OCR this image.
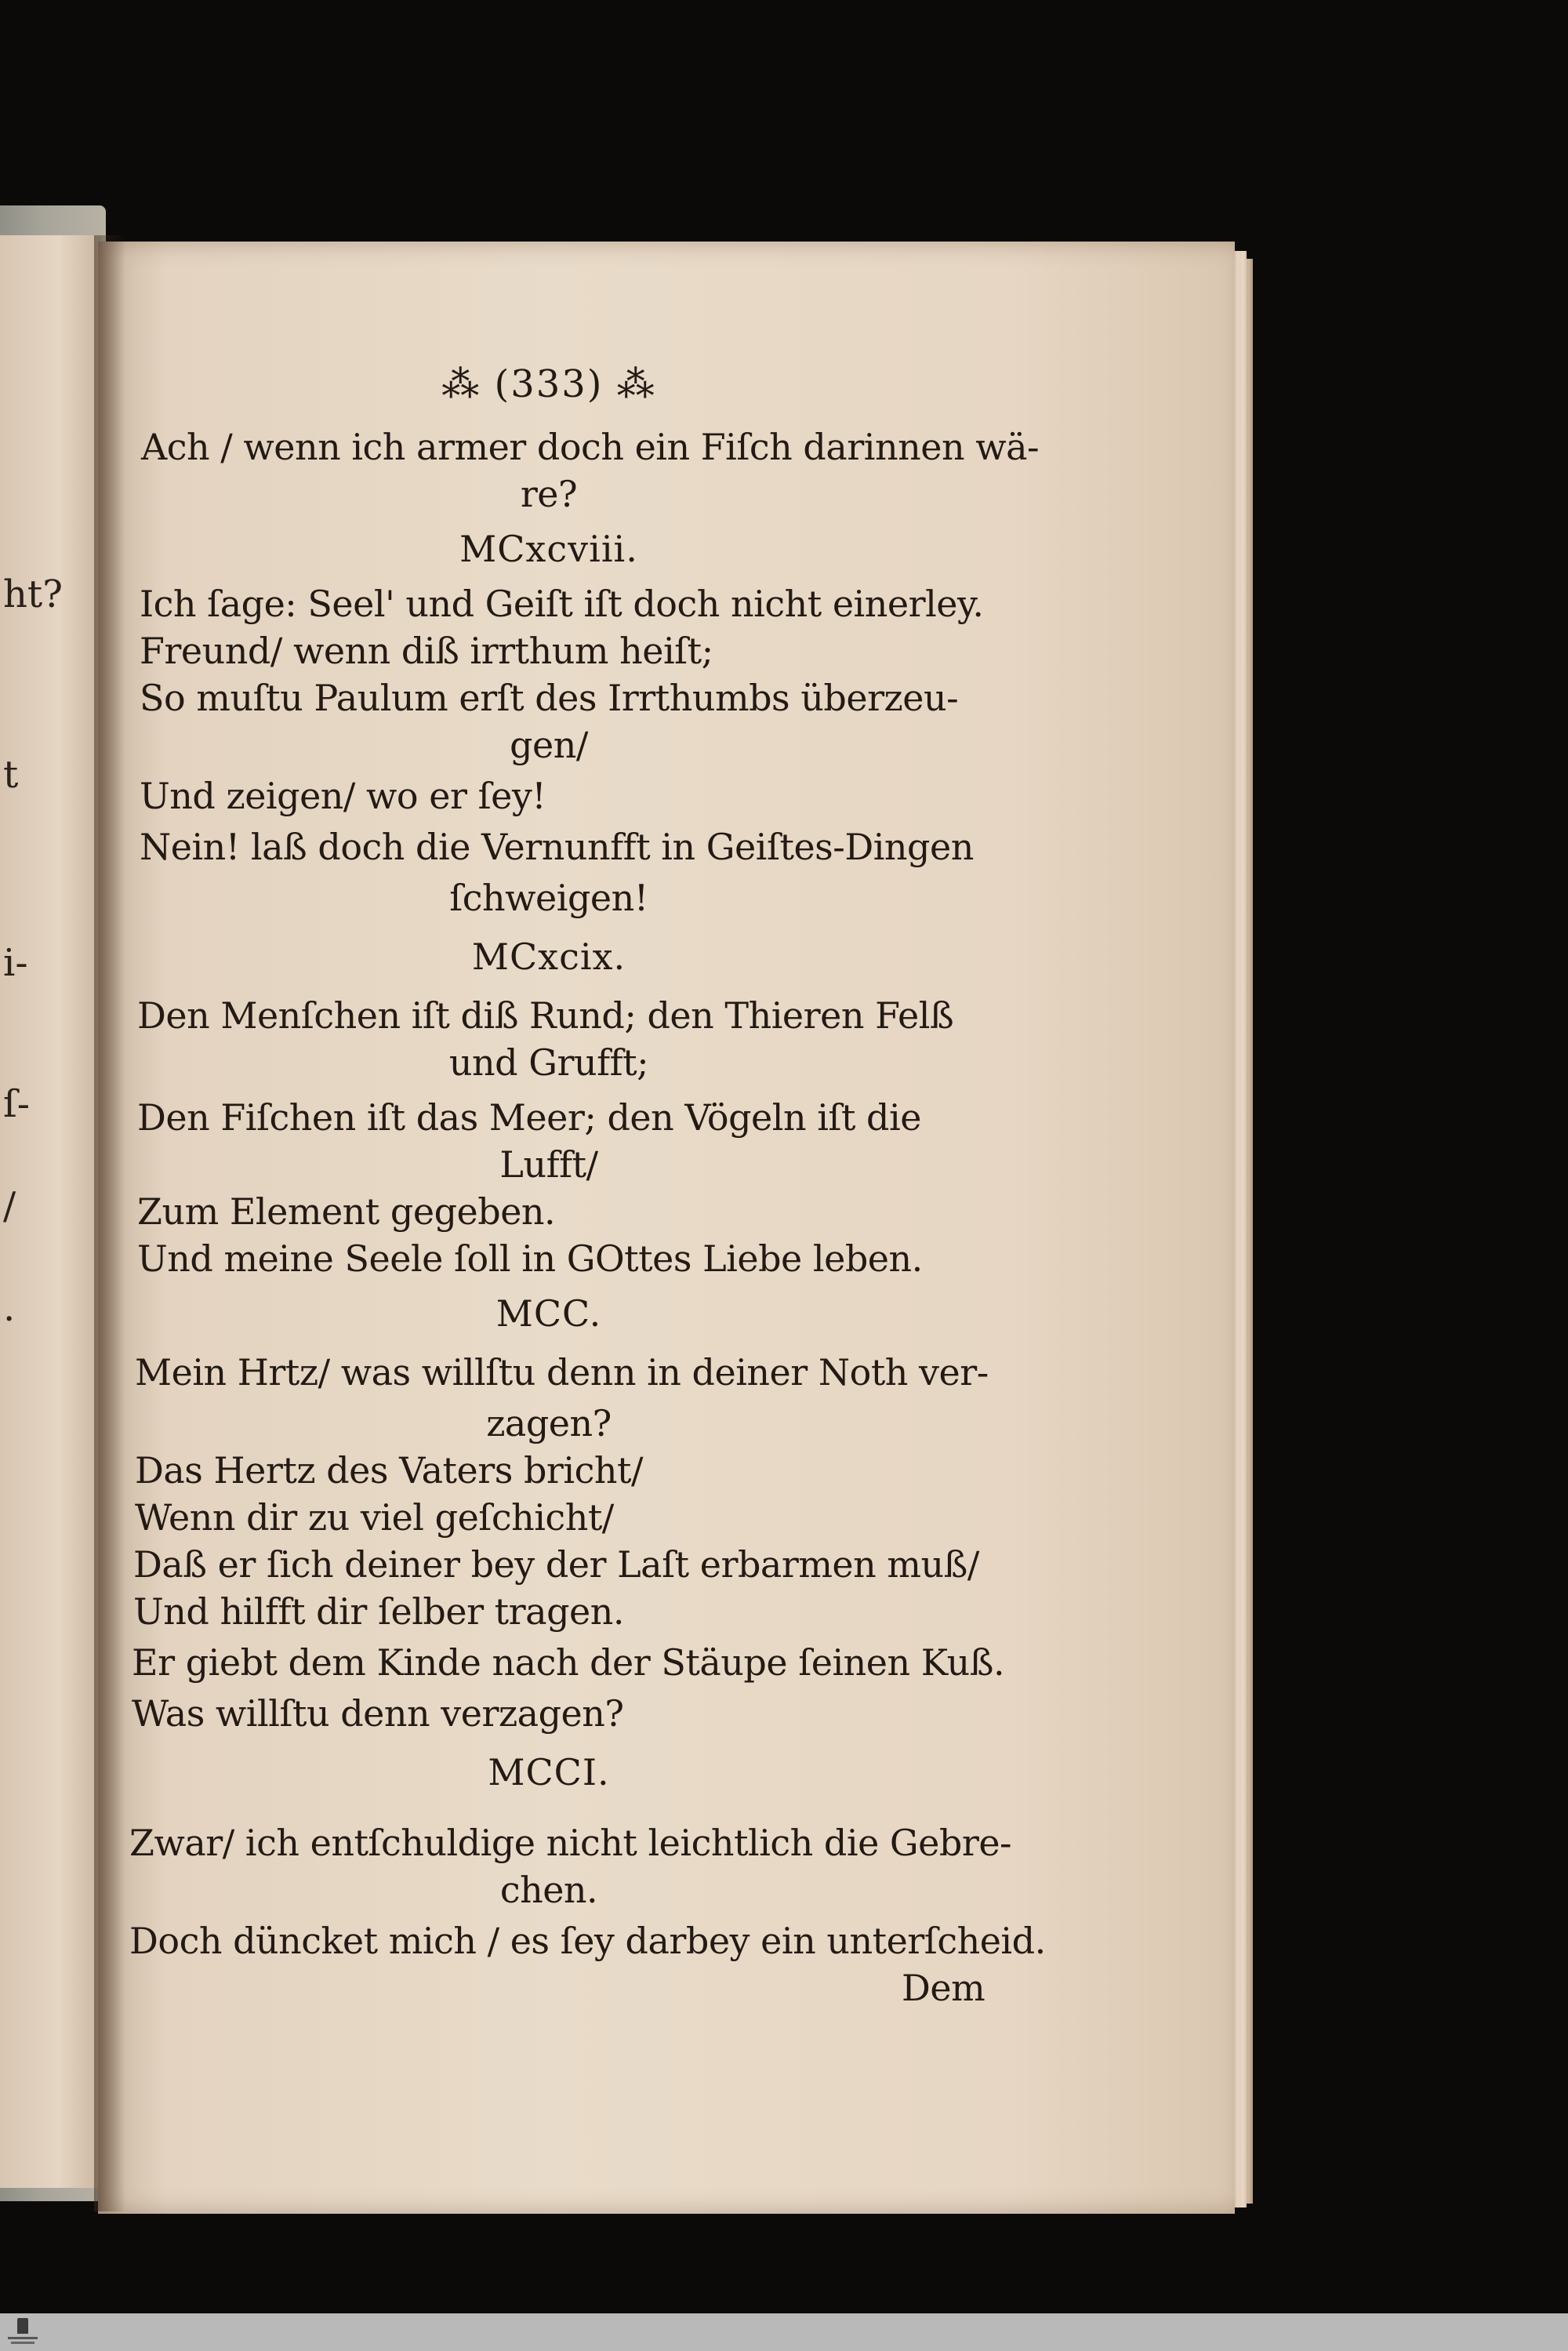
ht?
t
i-
ſ-
/
.
⁂ (333) ⁂
Ach / wenn ich armer doch ein Fiſch darinnen wä-
re?
MCxcviii.
Ich ſage: Seel' und Geiſt iſt doch nicht einerley.
Freund/ wenn diß irrthum heiſt;
So muſtu Paulum erſt des Irrthumbs überzeu-
gen/
Und zeigen/ wo er ſey!
Nein! laß doch die Vernunfft in Geiſtes-Dingen
ſchweigen!
MCxcix.
Den Menſchen iſt diß Rund; den Thieren Felß
und Grufft;
Den Fiſchen iſt das Meer; den Vögeln iſt die
Lufft/
Zum Element gegeben.
Und meine Seele ſoll in GOttes Liebe leben.
MCC.
Mein Hrtz/ was willſtu denn in deiner Noth ver-
zagen?
Das Hertz des Vaters bricht/
Wenn dir zu viel geſchicht/
Daß er ſich deiner bey der Laſt erbarmen muß/
Und hilfft dir ſelber tragen.
Er giebt dem Kinde nach der Stäupe ſeinen Kuß.
Was willſtu denn verzagen?
MCCI.
Zwar/ ich entſchuldige nicht leichtlich die Gebre-
chen.
Doch düncket mich / es ſey darbey ein unterſcheid.
Dem
